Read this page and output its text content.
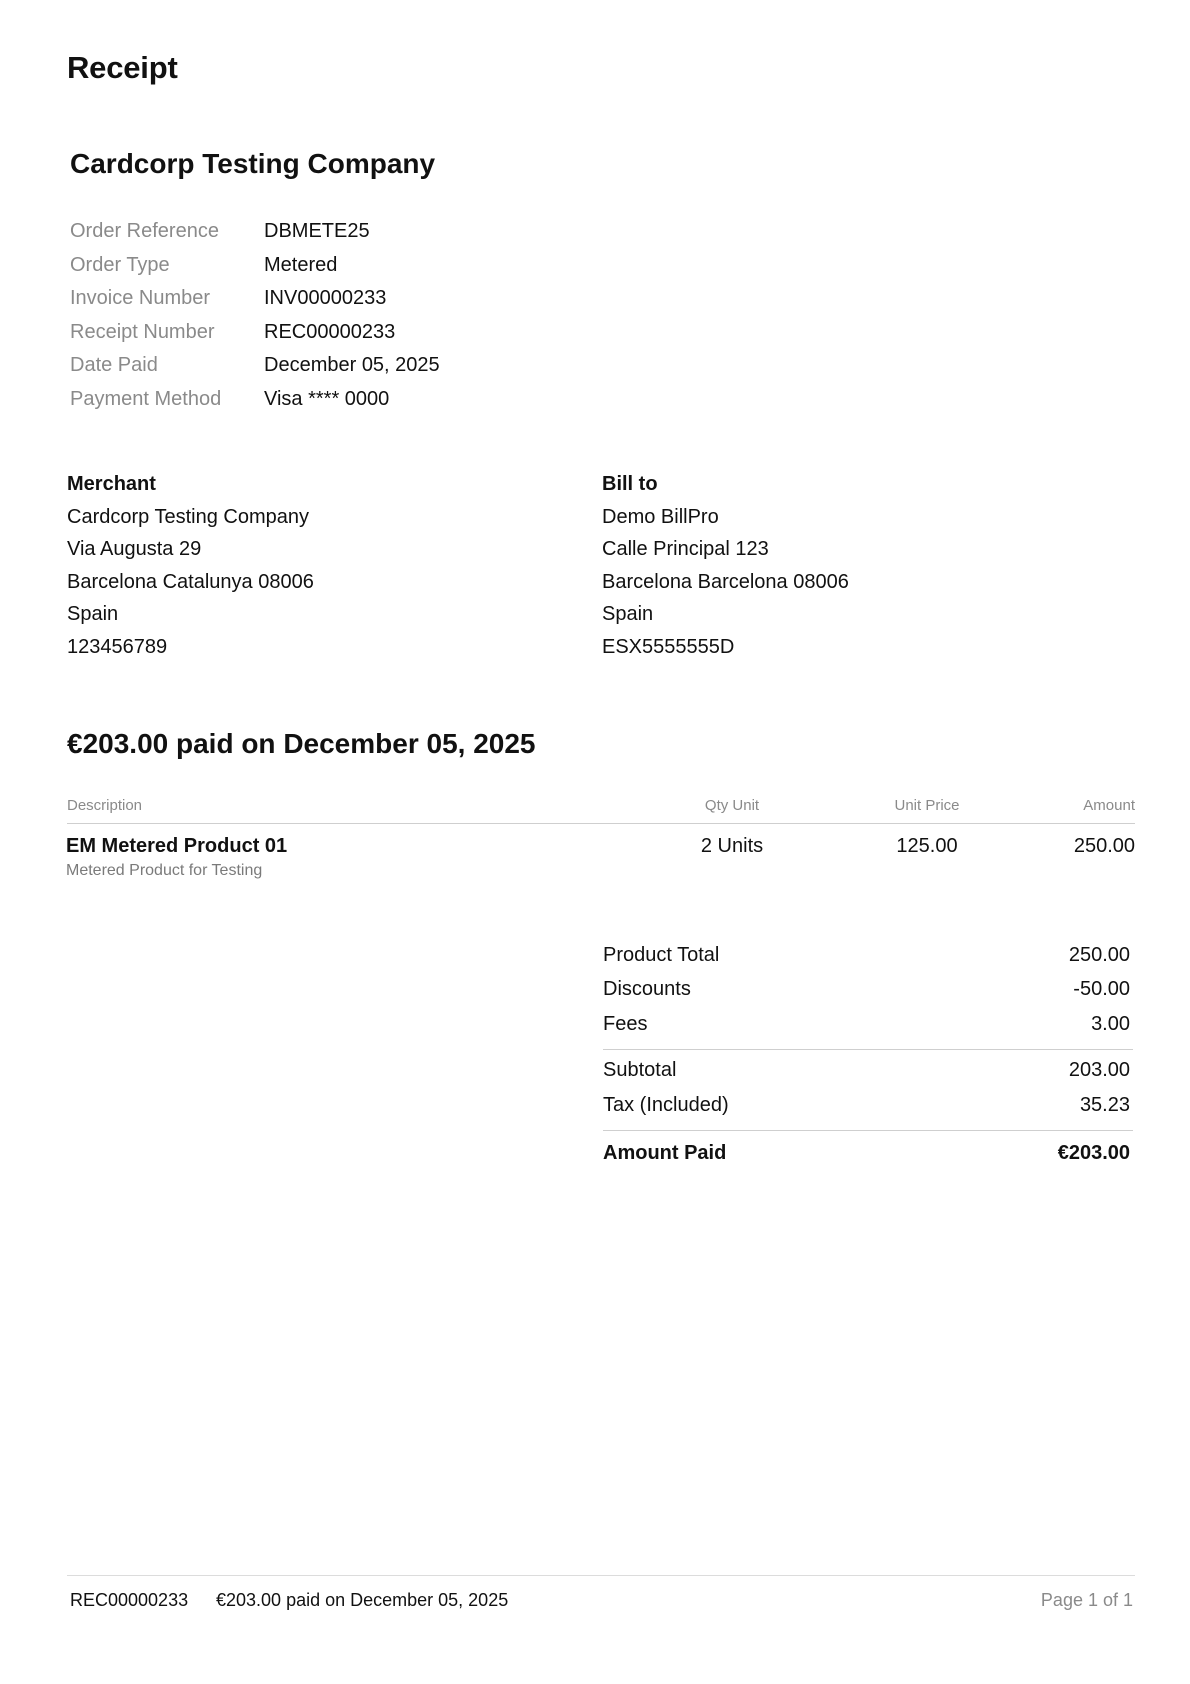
Receipt
Cardcorp Testing Company
Order Reference	DBMETE25
Order Type	Metered
Invoice Number	INV00000233
Receipt Number	REC00000233
Date Paid	December 05, 2025
Payment Method	Visa **** 0000
Merchant
Cardcorp Testing Company
Via Augusta 29
Barcelona Catalunya 08006
Spain
123456789
Bill to
Demo BillPro
Calle Principal 123
Barcelona Barcelona 08006
Spain
ESX5555555D
€203.00 paid on December 05, 2025
Description	Qty Unit	Unit Price	Amount
EM Metered Product 01
Metered Product for Testing
2 Units	125.00	250.00
Product Total	250.00
Discounts	-50.00
Fees	3.00
Subtotal	203.00
Tax (Included)	35.23
Amount Paid	€203.00
REC00000233 €203.00 paid on December 05, 2025	Page 1 of 1
